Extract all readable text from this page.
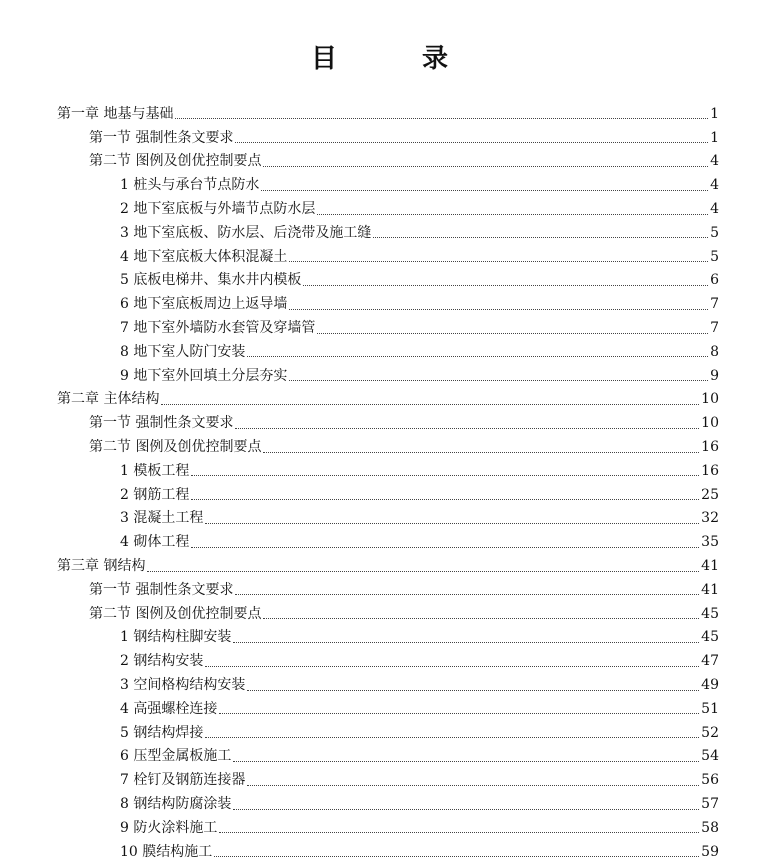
目 录
第一章 地基与基础	1
第一节 强制性条文要求	1
第二节 图例及创优控制要点	4
1 桩头与承台节点防水	4
2 地下室底板与外墙节点防水层	4
3 地下室底板、防水层、后浇带及施工缝	5
4 地下室底板大体积混凝土	5
5 底板电梯井、集水井内模板	6
6 地下室底板周边上返导墙	7
7 地下室外墙防水套管及穿墙管	7
8 地下室人防门安装	8
9 地下室外回填土分层夯实	9
第二章 主体结构	10
第一节 强制性条文要求	10
第二节 图例及创优控制要点	16
1 模板工程	16
2 钢筋工程	25
3 混凝土工程	32
4 砌体工程	35
第三章 钢结构	41
第一节 强制性条文要求	41
第二节 图例及创优控制要点	45
1 钢结构柱脚安装	45
2 钢结构安装	47
3 空间格构结构安装	49
4 高强螺栓连接	51
5 钢结构焊接	52
6 压型金属板施工	54
7 栓钉及钢筋连接器	56
8 钢结构防腐涂装	57
9 防火涂料施工	58
10 膜结构施工	59
